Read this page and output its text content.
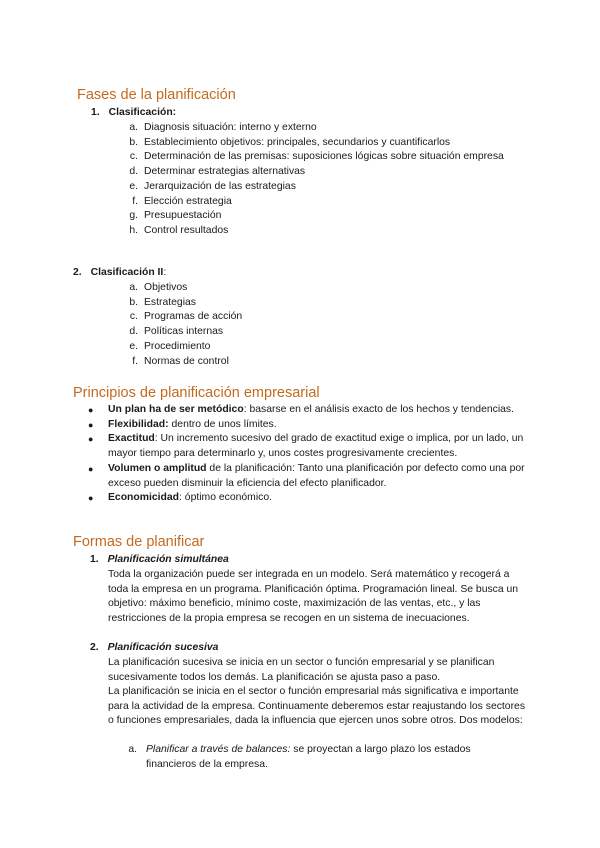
Fases de la planificación
1. Clasificación:
a. Diagnosis situación: interno y externo
b. Establecimiento objetivos: principales, secundarios y cuantificarlos
c. Determinación de las premisas: suposiciones lógicas sobre situación empresa
d. Determinar estrategias alternativas
e. Jerarquización de las estrategias
f. Elección estrategia
g. Presupuestación
h. Control resultados
2. Clasificación II:
a. Objetivos
b. Estrategias
c. Programas de acción
d. Políticas internas
e. Procedimiento
f. Normas de control
Principios de planificación empresarial
● Un plan ha de ser metódico: basarse en el análisis exacto de los hechos y tendencias.
● Flexibilidad: dentro de unos límites.
● Exactitud: Un incremento sucesivo del grado de exactitud exige o implica, por un lado, un mayor tiempo para determinarlo y, unos costes progresivamente crecientes.
● Volumen o amplitud de la planificación: Tanto una planificación por defecto como una por exceso pueden disminuir la eficiencia del efecto planificador.
● Economicidad: óptimo económico.
Formas de planificar
1. Planificación simultánea
Toda la organización puede ser integrada en un modelo. Será matemático y recogerá a toda la empresa en un programa. Planificación óptima. Programación lineal. Se busca un objetivo: máximo beneficio, mínimo coste, maximización de las ventas, etc., y las restricciones de la propia empresa se recogen en un sistema de inecuaciones.
2. Planificación sucesiva
La planificación sucesiva se inicia en un sector o función empresarial y se planifican sucesivamente todos los demás. La planificación se ajusta paso a paso.
La planificación se inicia en el sector o función empresarial más significativa e importante para la actividad de la empresa. Continuamente deberemos estar reajustando los sectores o funciones empresariales, dada la influencia que ejercen unos sobre otros. Dos modelos:
a. Planificar a través de balances: se proyectan a largo plazo los estados financieros de la empresa.
